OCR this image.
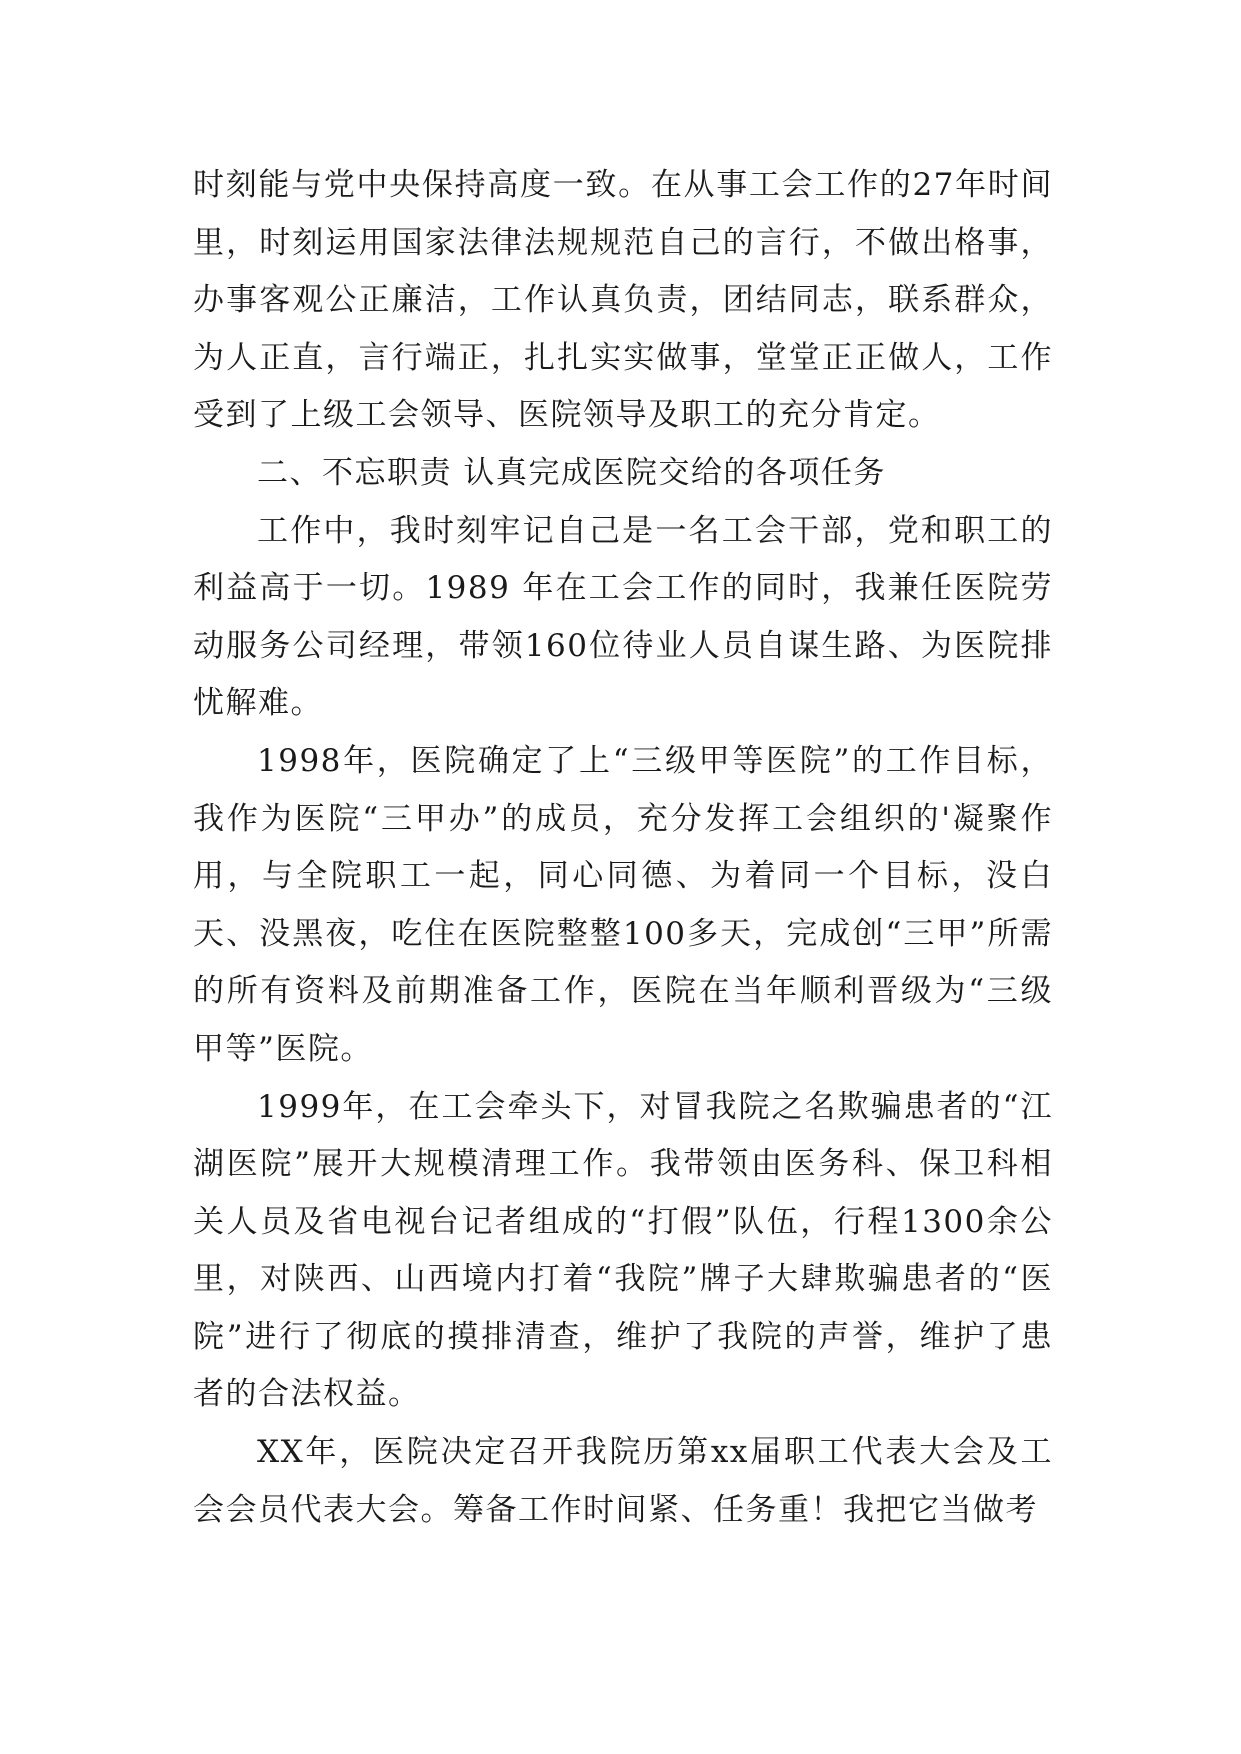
时刻能与党中央保持高度一致。在从事工会工作的27年时间里，时刻运用国家法律法规规范自己的言行，不做出格事，办事客观公正廉洁，工作认真负责，团结同志，联系群众，为人正直，言行端正，扎扎实实做事，堂堂正正做人，工作受到了上级工会领导、医院领导及职工的充分肯定。

二、不忘职责 认真完成医院交给的各项任务

工作中，我时刻牢记自己是一名工会干部，党和职工的利益高于一切。1989 年在工会工作的同时，我兼任医院劳动服务公司经理，带领160位待业人员自谋生路、为医院排忧解难。

1998年，医院确定了上“三级甲等医院”的工作目标，我作为医院“三甲办”的成员，充分发挥工会组织的'凝聚作用，与全院职工一起，同心同德、为着同一个目标，没白天、没黑夜，吃住在医院整整100多天，完成创“三甲”所需的所有资料及前期准备工作，医院在当年顺利晋级为“三级甲等”医院。

1999年，在工会牵头下，对冒我院之名欺骗患者的“江湖医院”展开大规模清理工作。我带领由医务科、保卫科相关人员及省电视台记者组成的“打假”队伍，行程1300余公里，对陕西、山西境内打着“我院”牌子大肆欺骗患者的“医院”进行了彻底的摸排清查，维护了我院的声誉，维护了患者的合法权益。

XX年，医院决定召开我院历第xx届职工代表大会及工会会员代表大会。筹备工作时间紧、任务重！我把它当做考
